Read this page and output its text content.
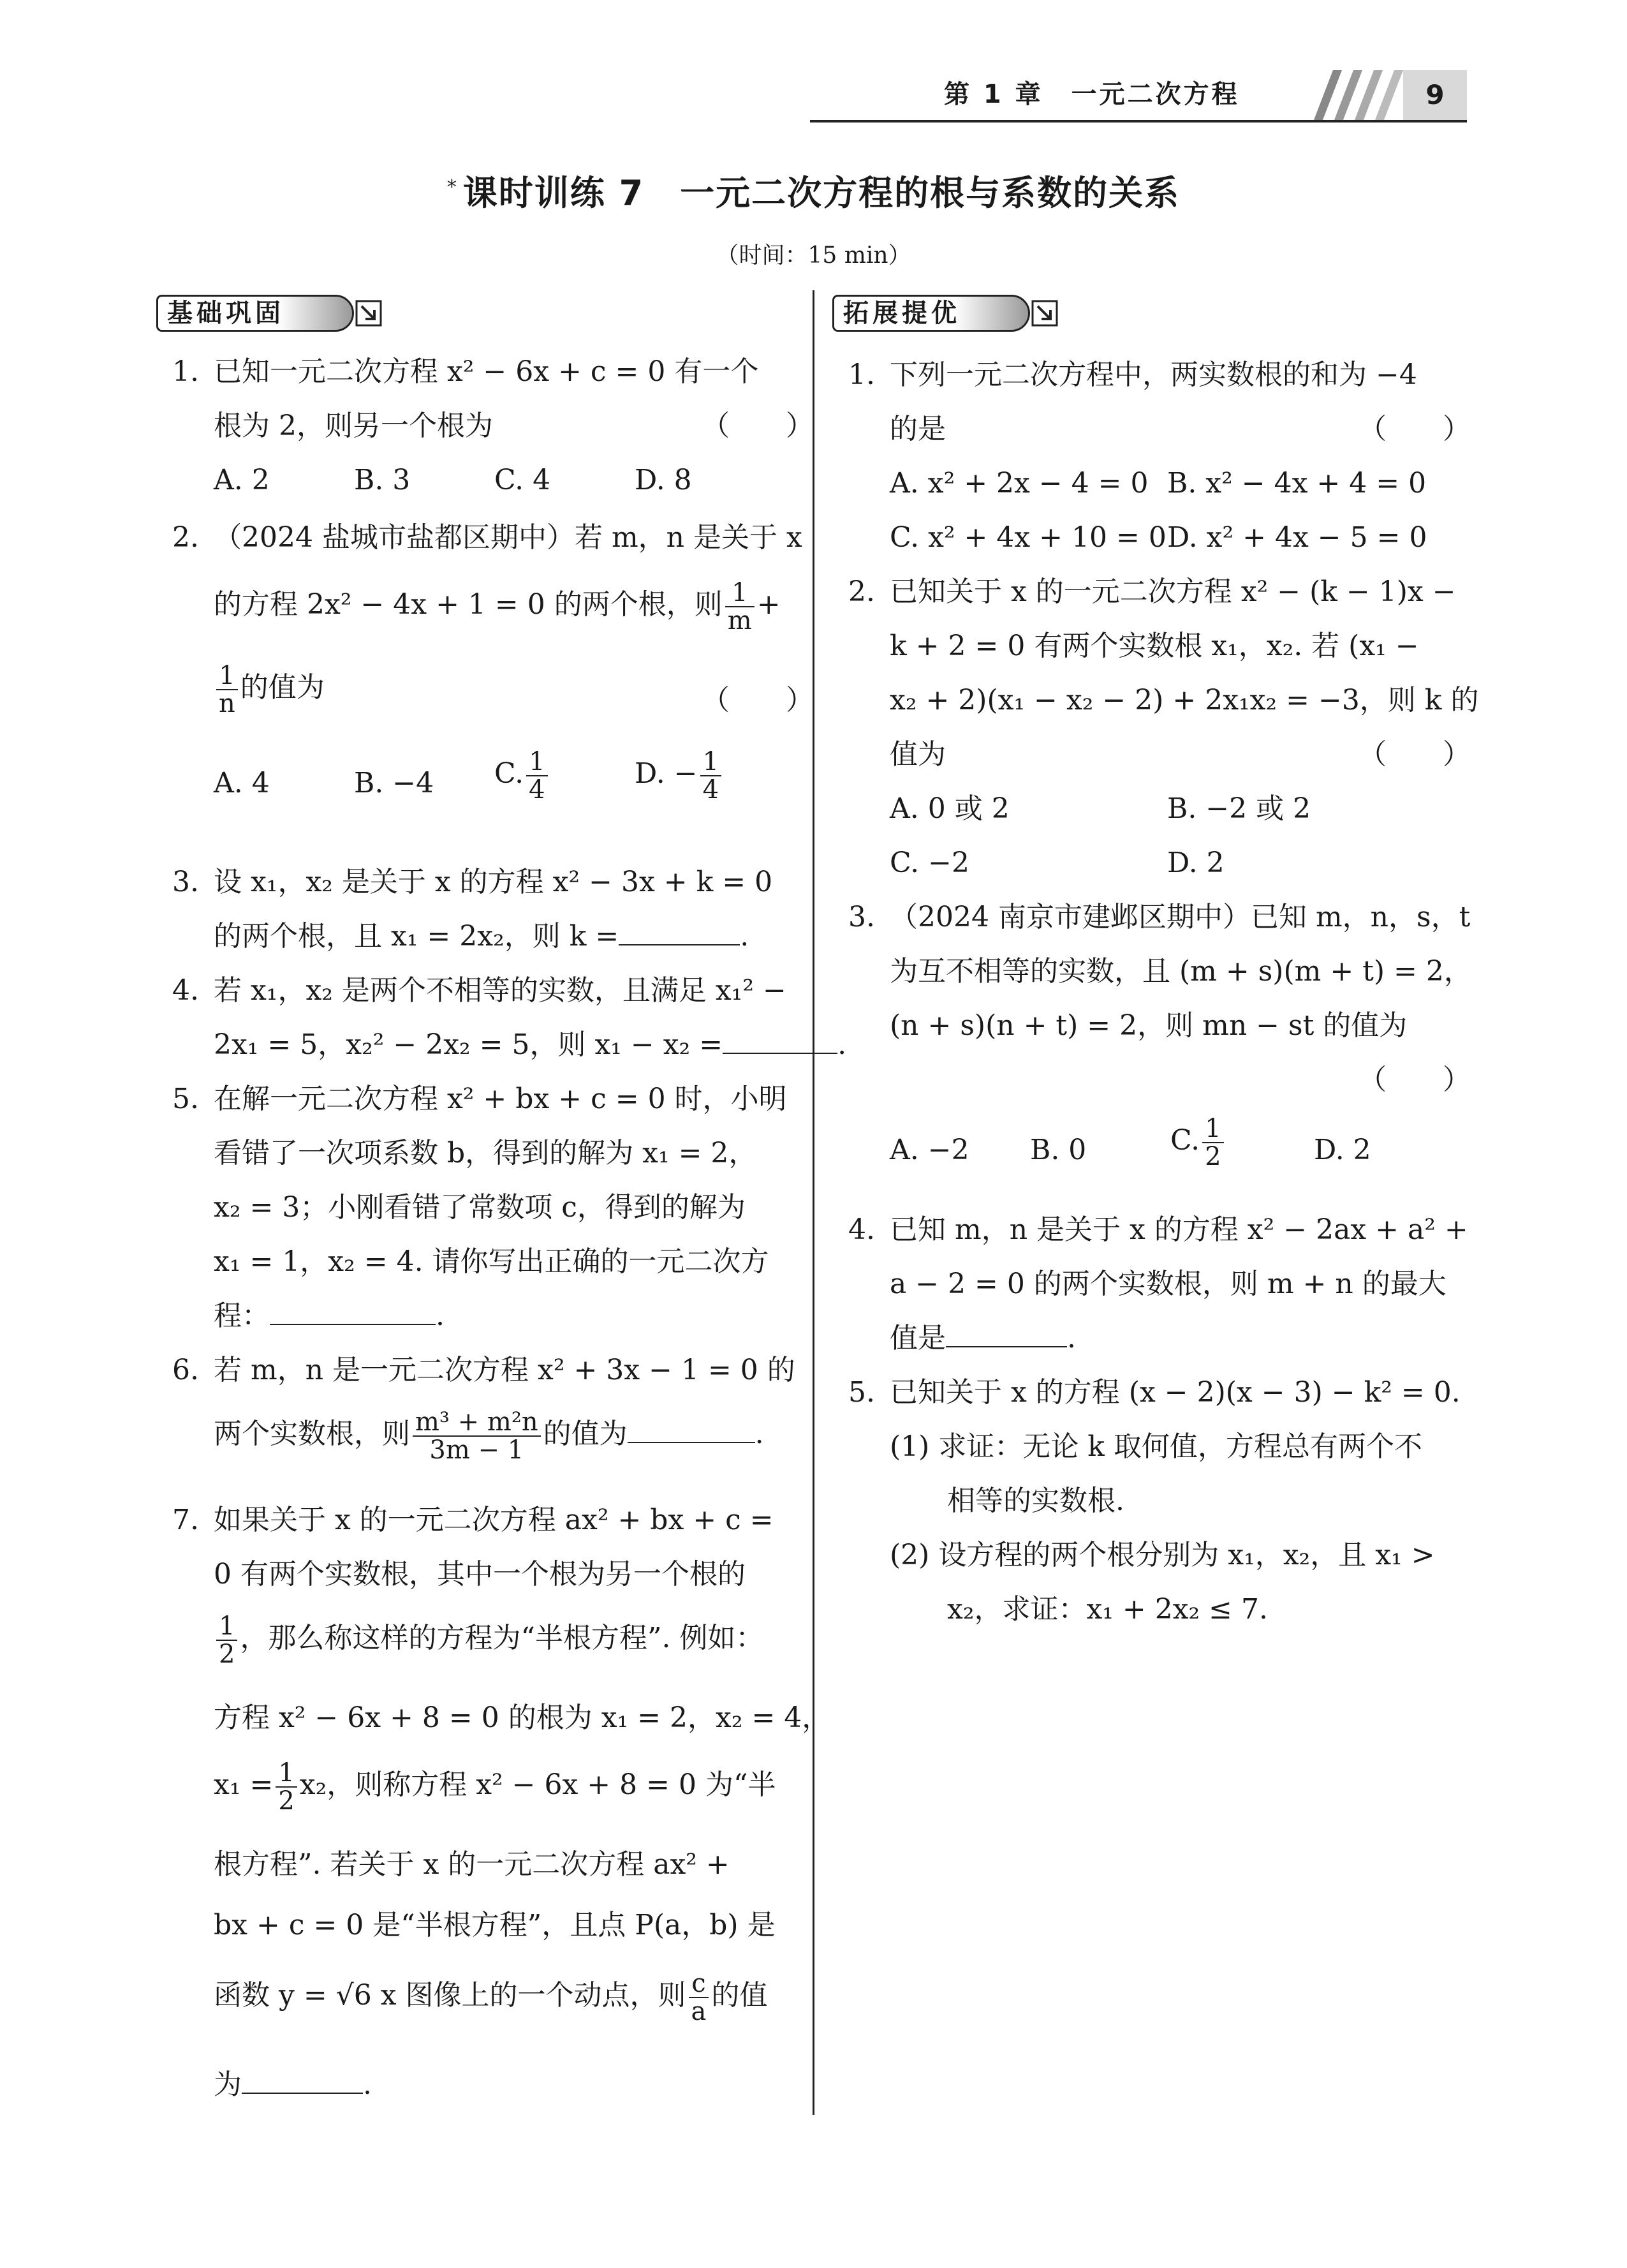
第 1 章　一元二次方程	9
* 课时训练 7　一元二次方程的根与系数的关系
（时间：15 min）
基础巩固
1. 已知一元二次方程 x² − 6x + c = 0 有一个
根为 2，则另一个根为	（　　）
A. 2	B. 3	C. 4	D. 8
2. （2024 盐城市盐都区期中）若 m，n 是关于 x
的方程 2x² − 4x + 1 = 0 的两个根，则 $\frac{1}{m}$ +
$\frac{1}{n}$ 的值为	（　　）
A. 4	B. −4 C. $\frac{1}{4}$	D. − $\frac{1}{4}$
3. 设 x₁，x₂ 是关于 x 的方程 x² − 3x + k = 0
的两个根，且 x₁ = 2x₂，则 k =	.
4. 若 x₁，x₂ 是两个不相等的实数，且满足 x₁² −
2x₁ = 5，x₂² − 2x₂ = 5，则 x₁ − x₂ =	.
5. 在解一元二次方程 x² + bx + c = 0 时，小明
看错了一次项系数 b，得到的解为 x₁ = 2，
x₂ = 3；小刚看错了常数项 c，得到的解为
x₁ = 1，x₂ = 4. 请你写出正确的一元二次方
程：	.
6. 若 m，n 是一元二次方程 x² + 3x − 1 = 0 的
两个实数根，则 $\frac{\text{m³ + m²n}}{3m - 1}$ 的值为	.
7. 如果关于 x 的一元二次方程 ax² + bx + c =
0 有两个实数根，其中一个根为另一个根的
$\frac{1}{2}$ ，那么称这样的方程为“半根方程”. 例如：
方程 x² − 6x + 8 = 0 的根为 x₁ = 2，x₂ = 4，
$x_1 = \frac{1}{2} x_2$，则称方程 x² − 6x + 8 = 0 为“半
根方程”. 若关于 x 的一元二次方程 ax² +
bx + c = 0 是“半根方程”，且点 P(a，b) 是
函数 y = √6 x 图像上的一个动点，则 $\frac{c}{a}$ 的值
为	.
拓展提优
1. 下列一元二次方程中，两实数根的和为 −4
的是	（　　）
A. x² + 2x − 4 = 0 B. x² − 4x + 4 = 0
C. x² + 4x + 10 = 0 D. x² + 4x − 5 = 0
2. 已知关于 x 的一元二次方程 x² − (k − 1)x −
k + 2 = 0 有两个实数根 x₁，x₂. 若 (x₁ −
x₂ + 2)(x₁ − x₂ − 2) + 2x₁x₂ = −3，则 k 的
值为	（　　）
A. 0 或 2	B. −2 或 2
C. −2	D. 2
3. （2024 南京市建邺区期中）已知 m，n，s，t
为互不相等的实数，且 (m + s)(m + t) = 2，
(n + s)(n + t) = 2，则 mn − st 的值为
（　　）
A. −2 B. 0	C. $\frac{1}{2}$	D. 2
4. 已知 m，n 是关于 x 的方程 x² − 2ax + a² +
a − 2 = 0 的两个实数根，则 m + n 的最大
值是	.
5. 已知关于 x 的方程 (x − 2)(x − 3) − k² = 0.
(1) 求证：无论 k 取何值，方程总有两个不
相等的实数根.
(2) 设方程的两个根分别为 x₁，x₂，且 x₁ >
x₂，求证：x₁ + 2x₂ ≤ 7.
